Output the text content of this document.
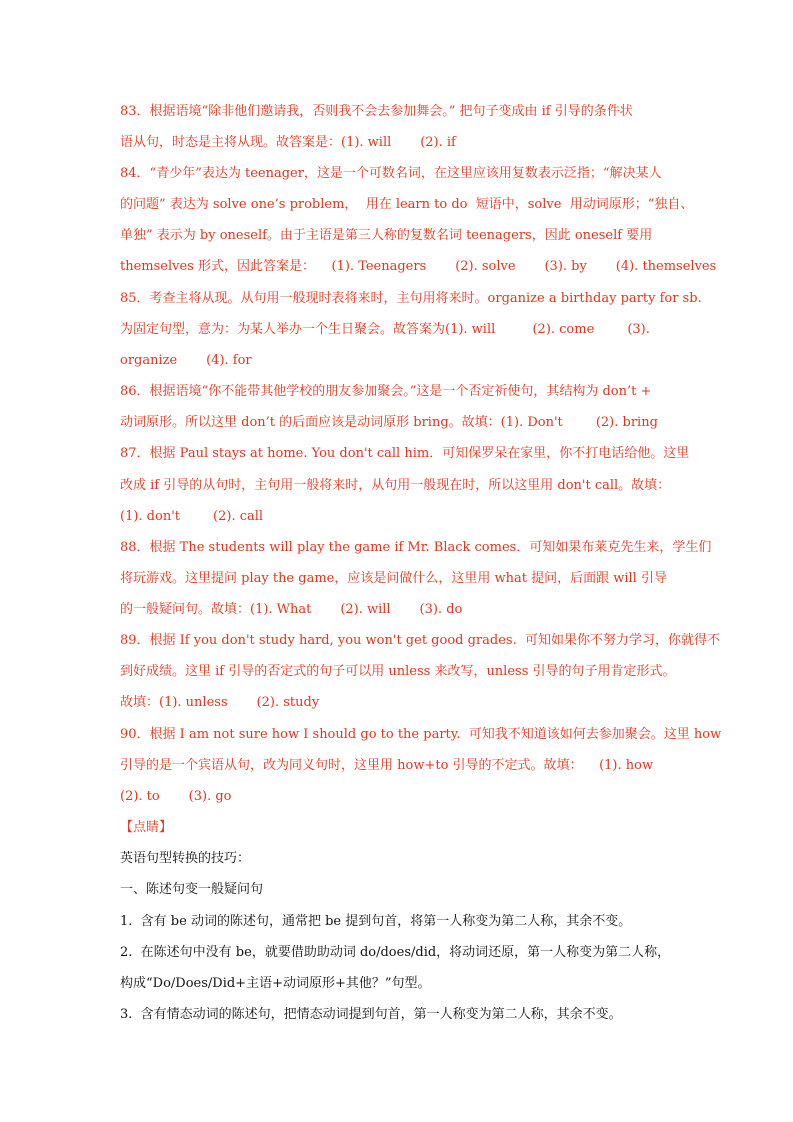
83．根据语境“除非他们邀请我，否则我不会去参加舞会。” 把句子变成由 if 引导的条件状
语从句，时态是主将从现。故答案是：(1). will       (2). if
84．“青少年”表达为 teenager，这是一个可数名词，在这里应该用复数表示泛指；“解决某人
的问题” 表达为 solve one’s problem，  用在 learn to do  短语中，solve  用动词原形；“独自、
单独” 表示为 by oneself。由于主语是第三人称的复数名词 teenagers，因此 oneself 要用
themselves 形式，因此答案是：    (1). Teenagers       (2). solve       (3). by       (4). themselves
85．考查主将从现。从句用一般现时表将来时，主句用将来时。organize a birthday party for sb.
为固定句型，意为：为某人举办一个生日聚会。故答案为(1). will         (2). come        (3).
organize       (4). for
86．根据语境“你不能带其他学校的朋友参加聚会。”这是一个否定祈使句，其结构为 don’t +
动词原形。所以这里 don’t 的后面应该是动词原形 bring。故填：(1). Don't        (2). bring
87．根据 Paul stays at home. You don't call him．可知保罗呆在家里，你不打电话给他。这里
改成 if 引导的从句时，主句用一般将来时，从句用一般现在时，所以这里用 don't call。故填：
(1). don't        (2). call
88．根据 The students will play the game if Mr. Black comes．可知如果布莱克先生来，学生们
将玩游戏。这里提问 play the game，应该是问做什么，这里用 what 提问，后面跟 will 引导
的一般疑问句。故填：(1). What       (2). will       (3). do
89．根据 If you don't study hard, you won't get good grades.  可知如果你不努力学习，你就得不
到好成绩。这里 if 引导的否定式的句子可以用 unless 来改写，unless 引导的句子用肯定形式。
故填：(1). unless       (2). study
90．根据 I am not sure how I should go to the party.  可知我不知道该如何去参加聚会。这里 how
引导的是一个宾语从句，改为同义句时，这里用 how+to 引导的不定式。故填：    (1). how
(2). to       (3). go
【点睛】
英语句型转换的技巧：
一、陈述句变一般疑问句
1.  含有 be 动词的陈述句，通常把 be 提到句首，将第一人称变为第二人称，其余不变。
2.  在陈述句中没有 be，就要借助助动词 do/does/did，将动词还原，第一人称变为第二人称，
构成“Do/Does/Did+主语+动词原形+其他？”句型。
3.  含有情态动词的陈述句，把情态动词提到句首，第一人称变为第二人称，其余不变。
